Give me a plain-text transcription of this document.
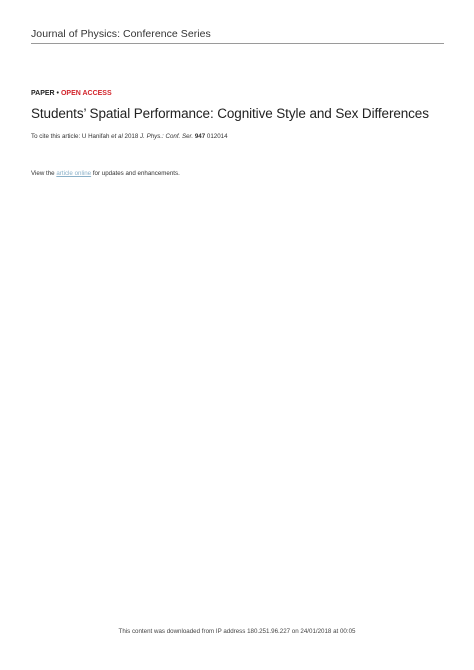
Journal of Physics: Conference Series
PAPER • OPEN ACCESS
Students’ Spatial Performance: Cognitive Style and Sex Differences
To cite this article: U Hanifah et al 2018 J. Phys.: Conf. Ser. 947 012014
View the article online for updates and enhancements.
This content was downloaded from IP address 180.251.96.227 on 24/01/2018 at 00:05
